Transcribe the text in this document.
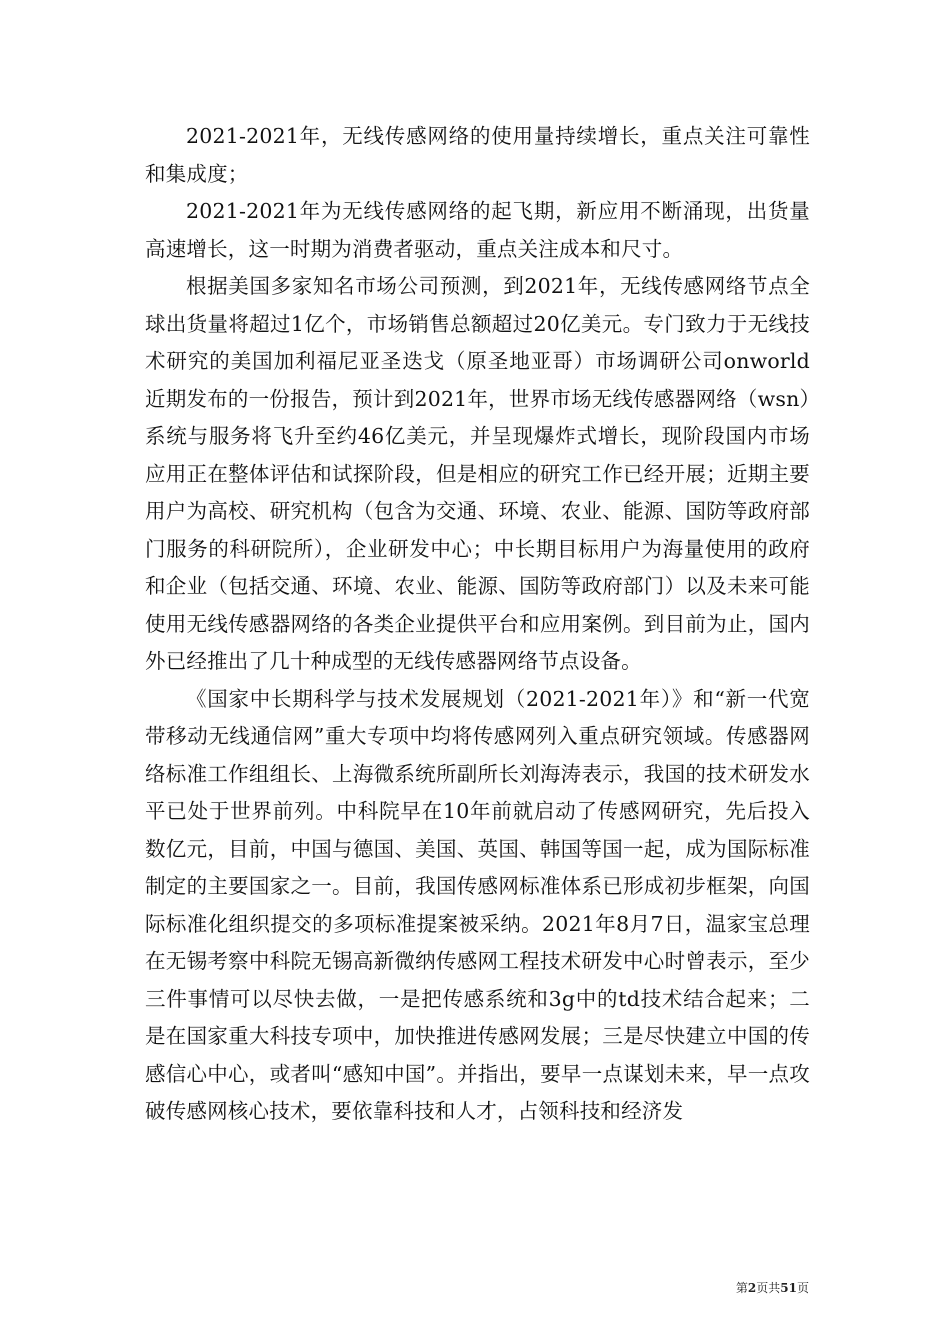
2021-2021年，无线传感网络的使用量持续增长，重点关注可靠性和集成度；

2021-2021年为无线传感网络的起飞期，新应用不断涌现，出货量高速增长，这一时期为消费者驱动，重点关注成本和尺寸。

根据美国多家知名市场公司预测，到2021年，无线传感网络节点全球出货量将超过1亿个，市场销售总额超过20亿美元。专门致力于无线技术研究的美国加利福尼亚圣迭戈（原圣地亚哥）市场调研公司onworld近期发布的一份报告，预计到2021年，世界市场无线传感器网络（wsn）系统与服务将飞升至约46亿美元，并呈现爆炸式增长，现阶段国内市场应用正在整体评估和试探阶段，但是相应的研究工作已经开展；近期主要用户为高校、研究机构（包含为交通、环境、农业、能源、国防等政府部门服务的科研院所），企业研发中心；中长期目标用户为海量使用的政府和企业（包括交通、环境、农业、能源、国防等政府部门）以及未来可能使用无线传感器网络的各类企业提供平台和应用案例。到目前为止，国内外已经推出了几十种成型的无线传感器网络节点设备。

《国家中长期科学与技术发展规划（2021-2021年）》和“新一代宽带移动无线通信网”重大专项中均将传感网列入重点研究领域。传感器网络标准工作组组长、上海微系统所副所长刘海涛表示，我国的技术研发水平已处于世界前列。中科院早在10年前就启动了传感网研究，先后投入数亿元，目前，中国与德国、美国、英国、韩国等国一起，成为国际标准制定的主要国家之一。目前，我国传感网标准体系已形成初步框架，向国际标准化组织提交的多项标准提案被采纳。2021年8月7日，温家宝总理在无锡考察中科院无锡高新微纳传感网工程技术研发中心时曾表示，至少三件事情可以尽快去做，一是把传感系统和3g中的td技术结合起来；二是在国家重大科技专项中，加快推进传感网发展；三是尽快建立中国的传感信心中心，或者叫“感知中国”。并指出，要早一点谋划未来，早一点攻破传感网核心技术，要依靠科技和人才，占领科技和经济发

第2页共51页
